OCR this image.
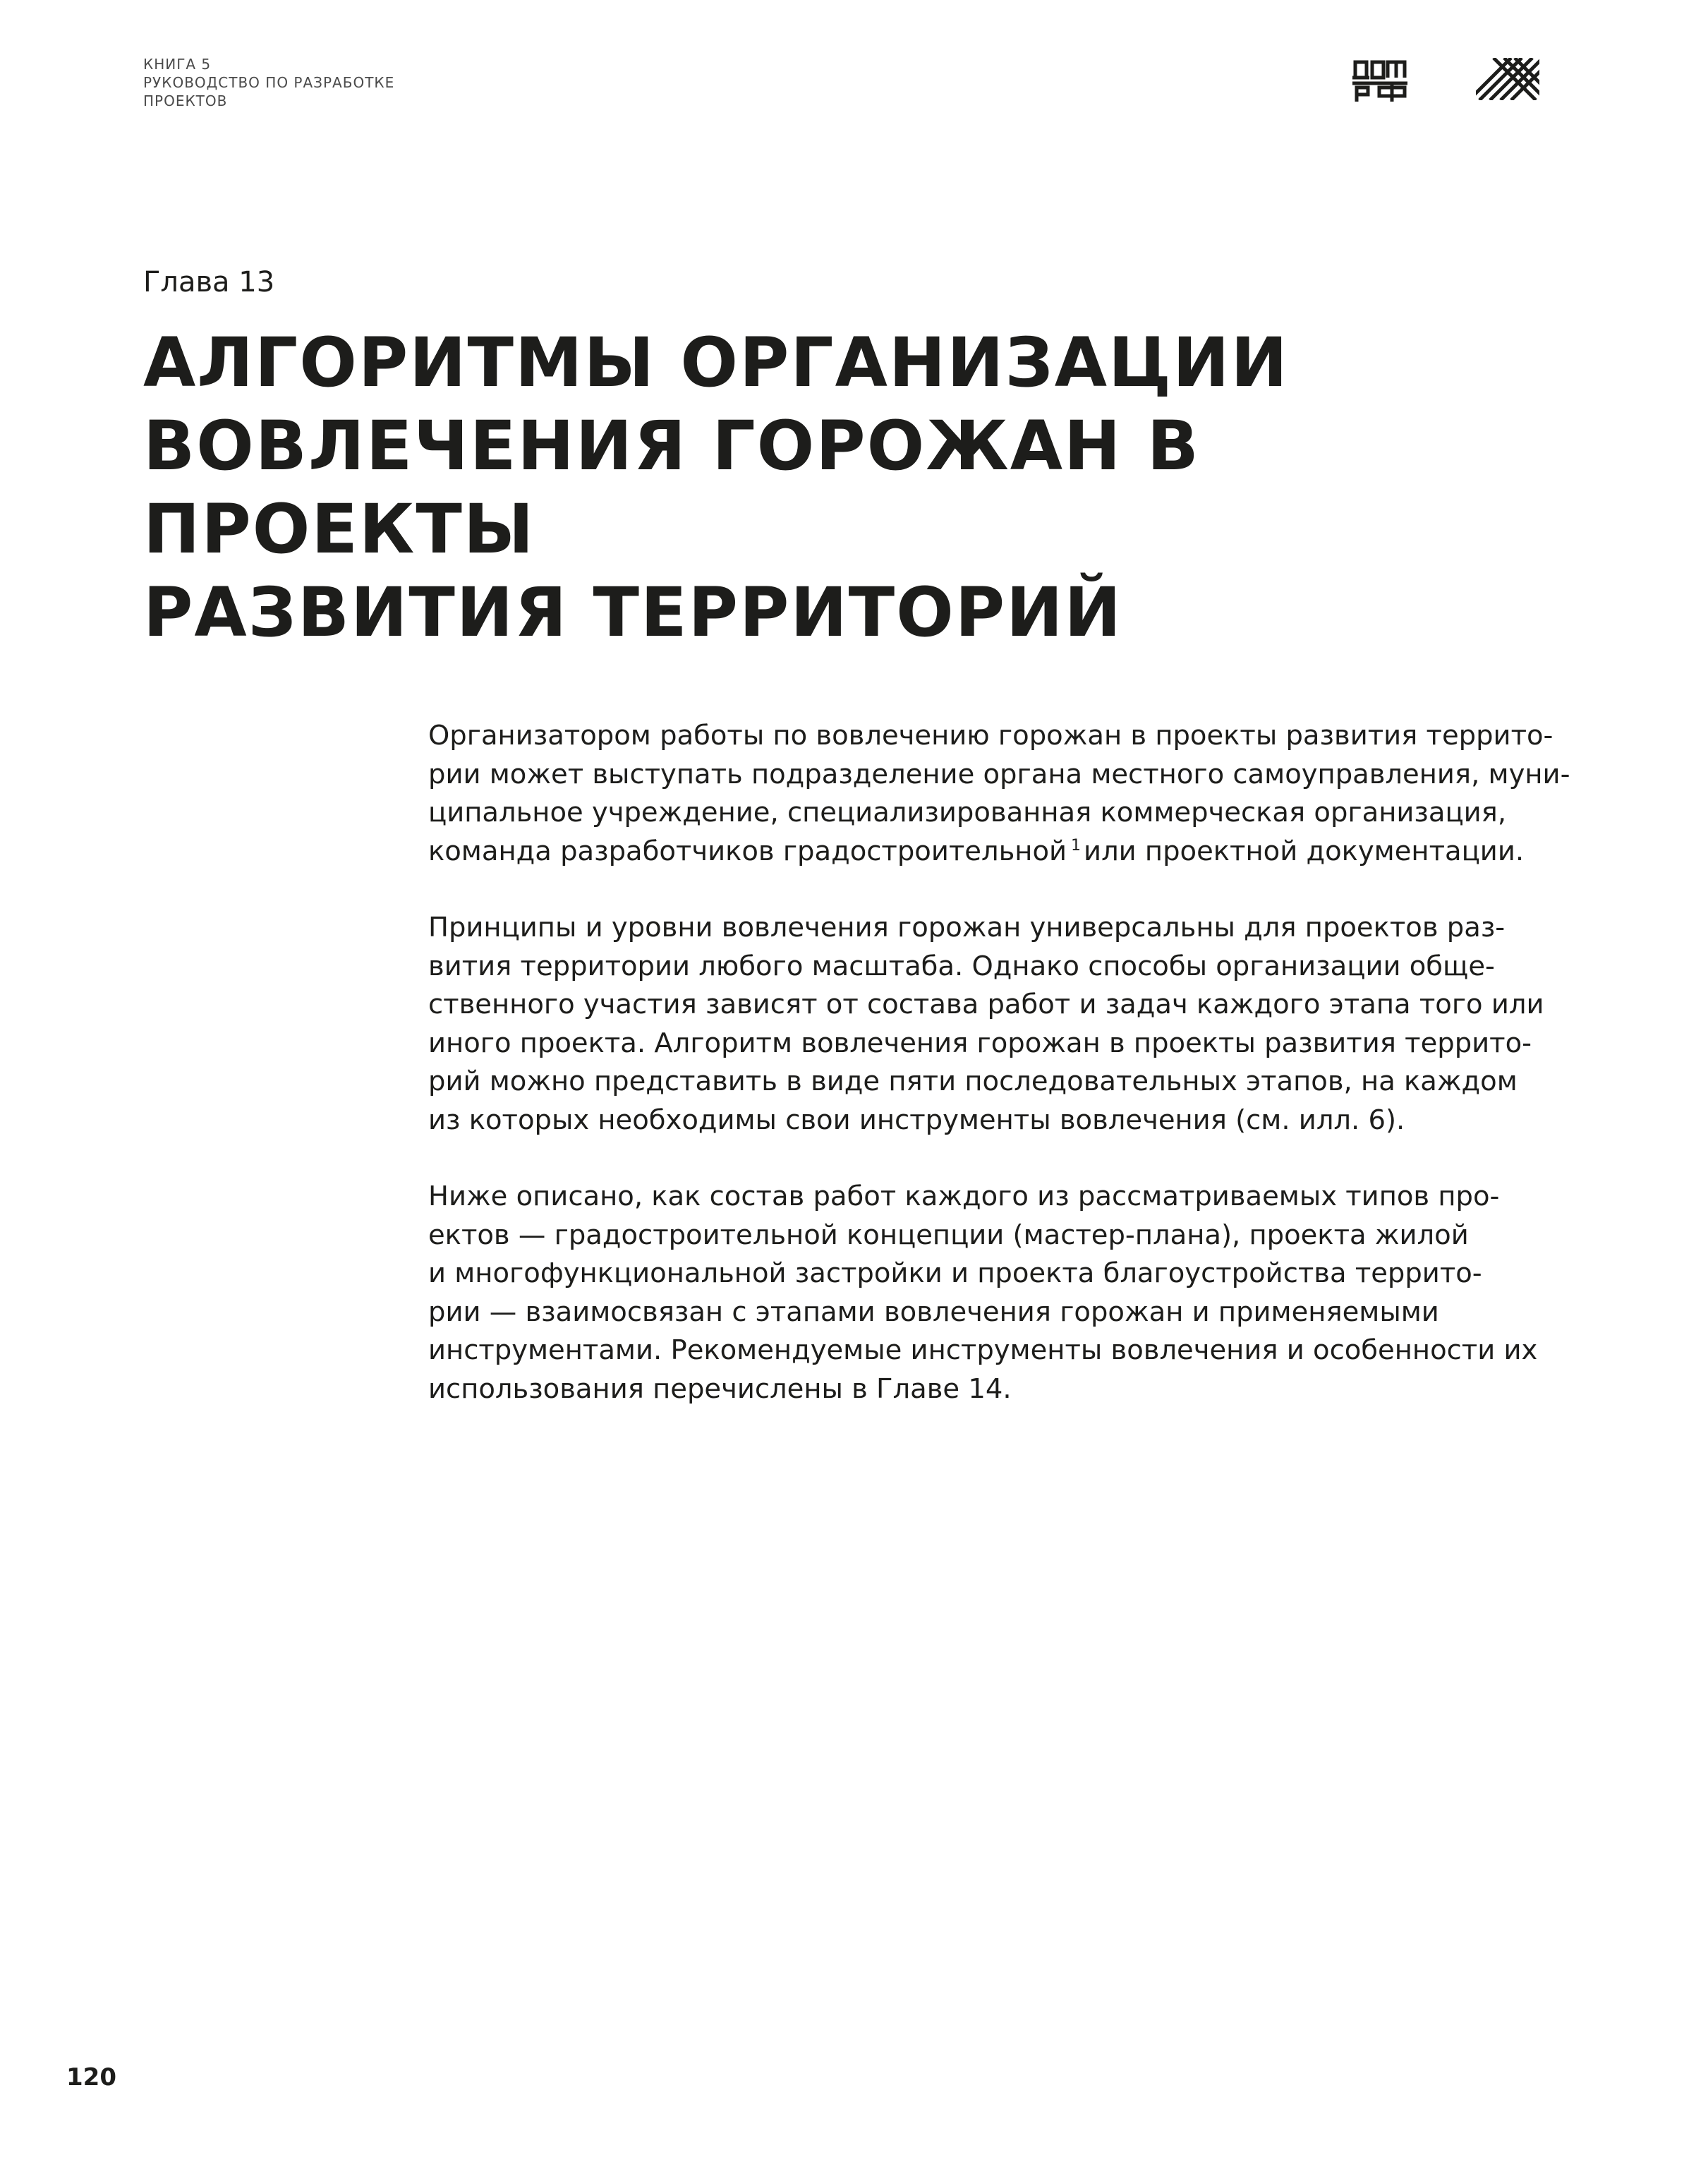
КНИГА 5
РУКОВОДСТВО ПО РАЗРАБОТКЕ
ПРОЕКТОВ
Глава 13
АЛГОРИТМЫ ОРГАНИЗАЦИИ
ВОВЛЕЧЕНИЯ ГОРОЖАН В ПРОЕКТЫ
РАЗВИТИЯ ТЕРРИТОРИЙ

Организатором работы по вовлечению горожан в проекты развития террито-
рии может выступать подразделение органа местного самоуправления, муни-
ципальное учреждение, специализированная коммерческая организация,
команда разработчиков градостроительной $^1$ или проектной документации.

Принципы и уровни вовлечения горожан универсальны для проектов раз-
вития территории любого масштаба. Однако способы организации обще-
ственного участия зависят от состава работ и задач каждого этапа того или
иного проекта. Алгоритм вовлечения горожан в проекты развития террито-
рий можно представить в виде пяти последовательных этапов, на каждом
из которых необходимы свои инструменты вовлечения (см. илл. 6).

Ниже описано, как состав работ каждого из рассматриваемых типов про-
ектов — градостроительной концепции (мастер-плана), проекта жилой
и многофункциональной застройки и проекта благоустройства террито-
рии — взаимосвязан с этапами вовлечения горожан и применяемыми
инструментами. Рекомендуемые инструменты вовлечения и особенности их
использования перечислены в Главе 14.

120
